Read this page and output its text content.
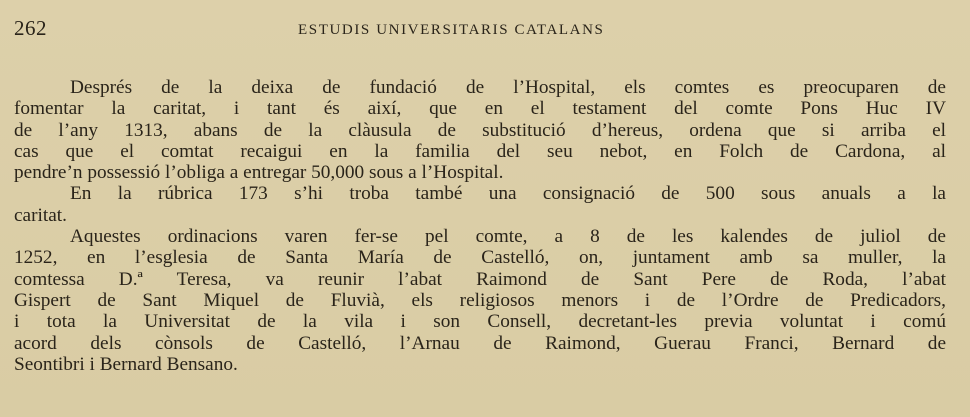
262	ESTUDIS UNIVERSITARIS CATALANS
Després de la deixa de fundació de l’Hospital, els comtes es preocuparen de
fomentar la caritat, i tant és així, que en el testament del comte Pons Huc IV
de l’any 1313, abans de la clàusula de substitució d’hereus, ordena que si arriba el
cas que el comtat recaigui en la familia del seu nebot, en Folch de Cardona, al
pendre’n possessió l’obliga a entregar 50,000 sous a l’Hospital.
En la rúbrica 173 s’hi troba també una consignació de 500 sous anuals a la
caritat.
Aquestes ordinacions varen fer-se pel comte, a 8 de les kalendes de juliol de
1252, en l’esglesia de Santa María de Castelló, on, juntament amb sa muller, la
comtessa D.ª Teresa, va reunir l’abat Raimond de Sant Pere de Roda, l’abat
Gispert de Sant Miquel de Fluvià, els religiosos menors i de l’Ordre de Predicadors,
i tota la Universitat de la vila i son Consell, decretant-les previa voluntat i comú
acord dels cònsols de Castelló, l’Arnau de Raimond, Guerau Franci, Bernard de
Seontibri i Bernard Bensano.
